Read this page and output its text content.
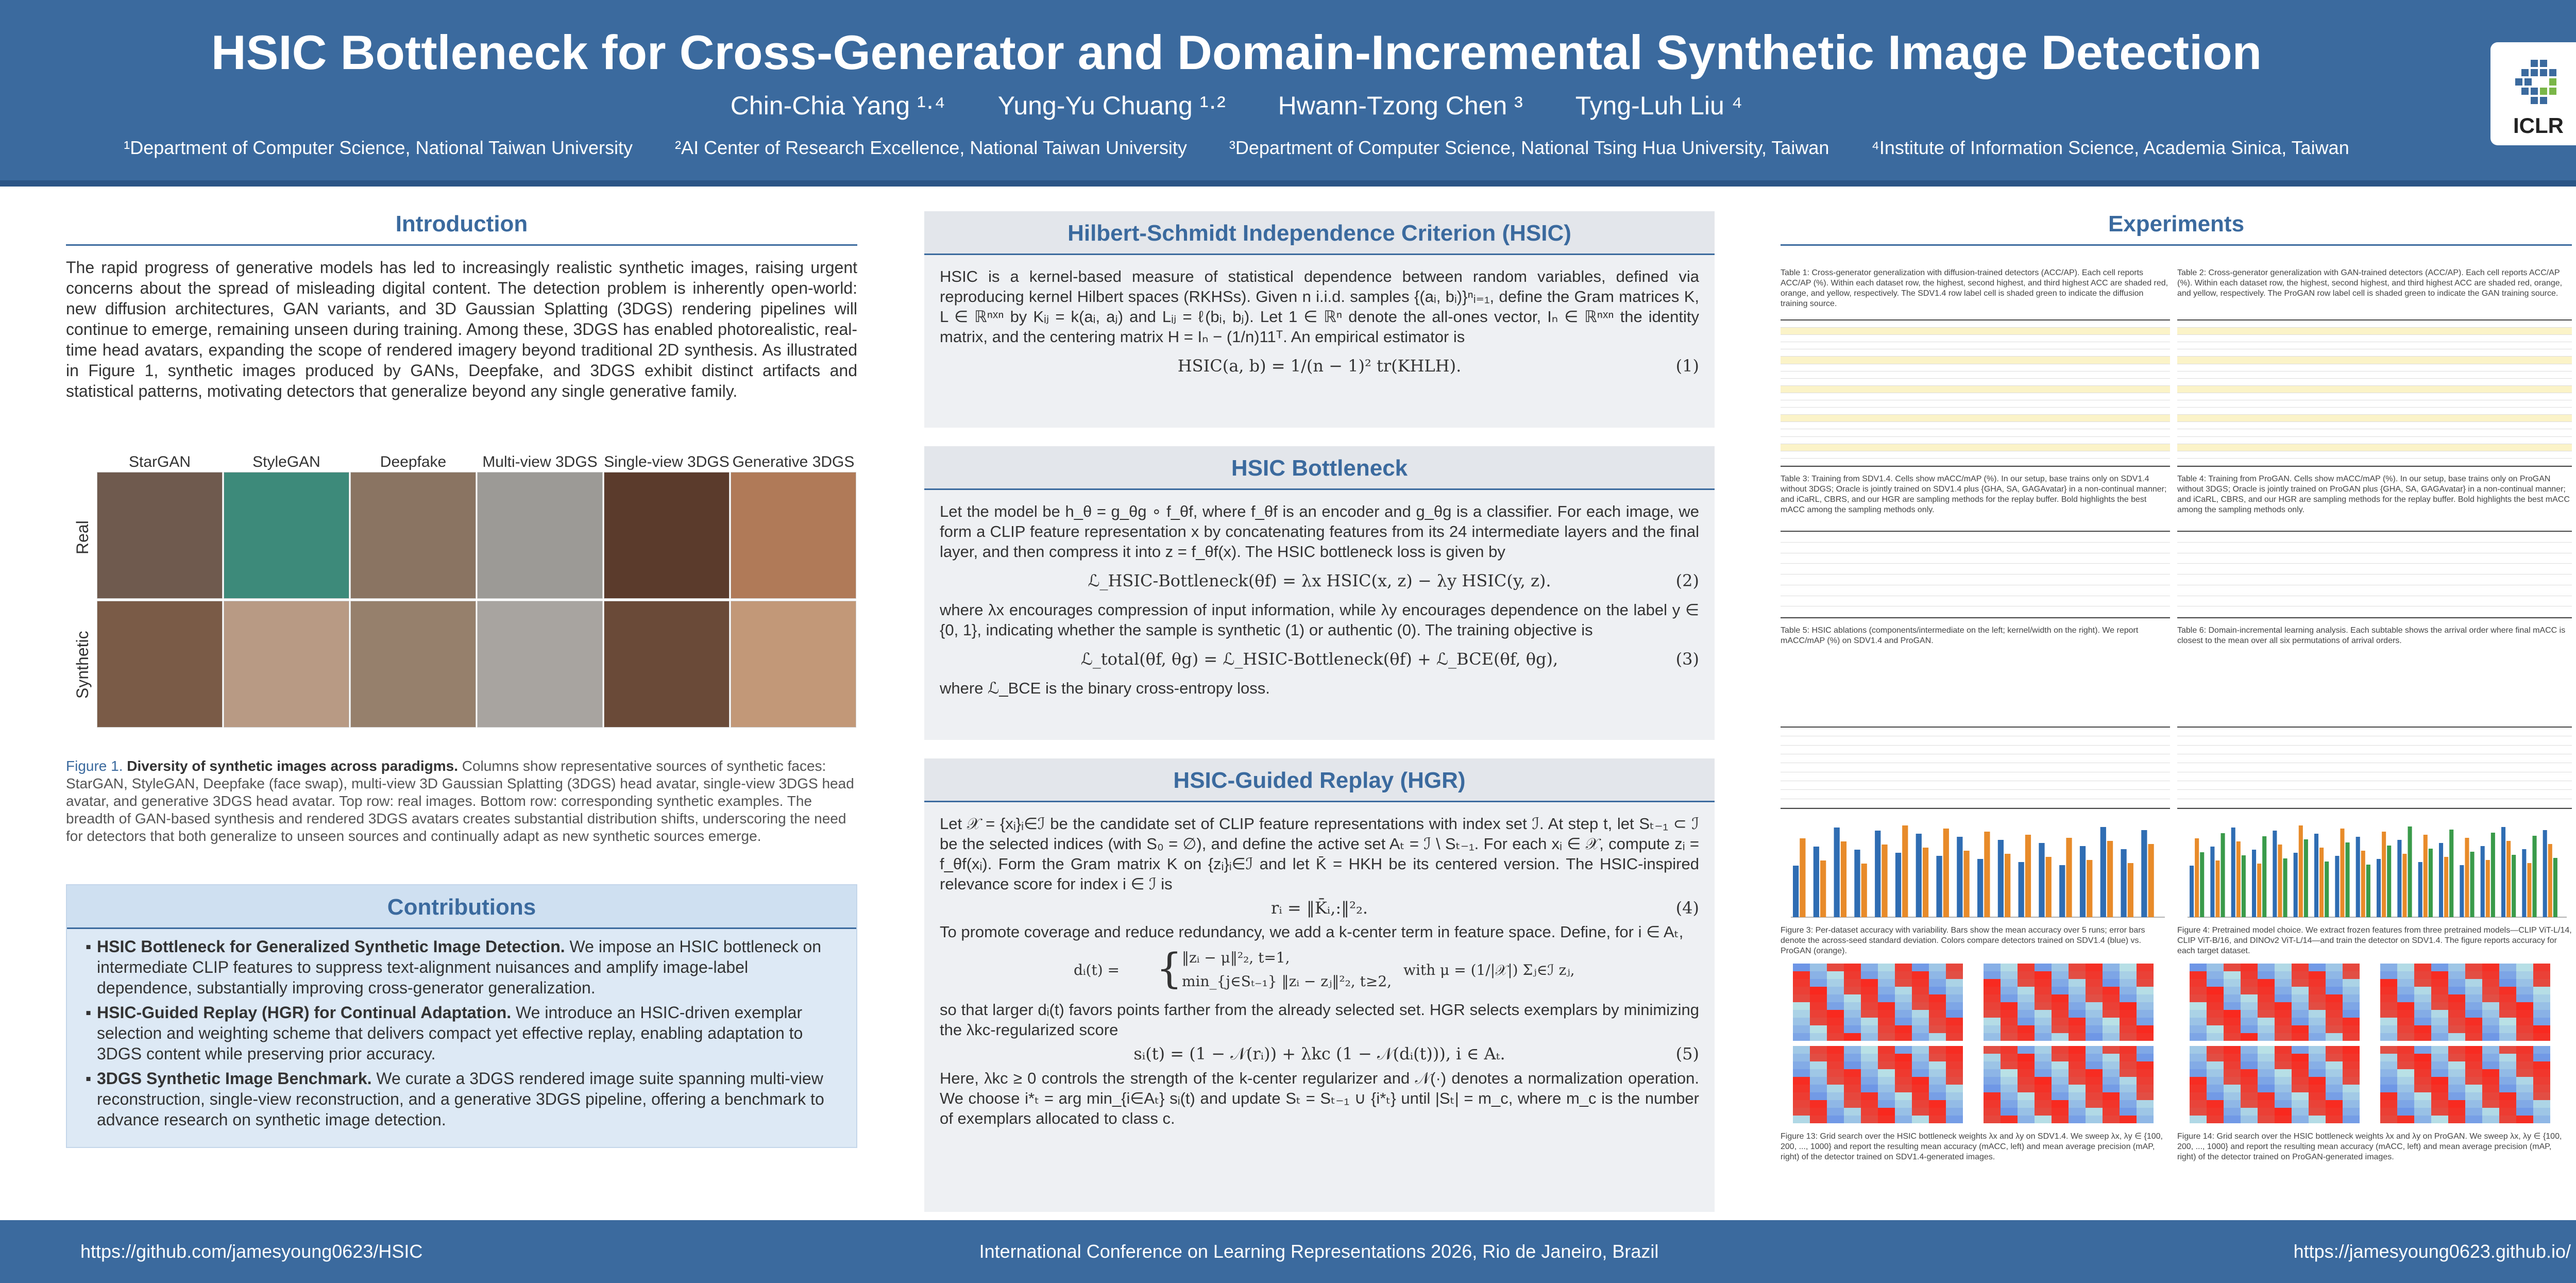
HSIC Bottleneck for Cross-Generator and Domain-Incremental Synthetic Image Detection
Chin-Chia Yang ¹·⁴ Yung-Yu Chuang ¹·² Hwann-Tzong Chen ³ Tyng-Luh Liu ⁴
¹Department of Computer Science, National Taiwan University ²AI Center of Research Excellence, National Taiwan University ³Department of Computer Science, National Tsing Hua University, Taiwan ⁴Institute of Information Science, Academia Sinica, Taiwan
ICLR
Introduction
The rapid progress of generative models has led to increasingly realistic synthetic images, raising urgent concerns about the spread of misleading digital content. The detection problem is inherently open-world: new diffusion architectures, GAN variants, and 3D Gaussian Splatting (3DGS) rendering pipelines will continue to emerge, remaining unseen during training. Among these, 3DGS has enabled photorealistic, real-time head avatars, expanding the scope of rendered imagery beyond traditional 2D synthesis. As illustrated in Figure 1, synthetic images produced by GANs, Deepfake, and 3DGS exhibit distinct artifacts and statistical patterns, motivating detectors that generalize beyond any single generative family.
StarGAN	StyleGAN	Deepfake	Multi-view 3DGS Single-view 3DGS Generative 3DGS
Real
Synthetic
Figure 1. Diversity of synthetic images across paradigms. Columns show representative sources of synthetic faces: StarGAN, StyleGAN, Deepfake (face swap), multi-view 3D Gaussian Splatting (3DGS) head avatar, single-view 3DGS head avatar, and generative 3DGS head avatar. Top row: real images. Bottom row: corresponding synthetic examples. The breadth of GAN-based synthesis and rendered 3DGS avatars creates substantial distribution shifts, underscoring the need for detectors that both generalize to unseen sources and continually adapt as new synthetic sources emerge.
Contributions
▪ HSIC Bottleneck for Generalized Synthetic Image Detection. We impose an HSIC bottleneck on intermediate CLIP features to suppress text-alignment nuisances and amplify image-label dependence, substantially improving cross-generator generalization.
▪ HSIC-Guided Replay (HGR) for Continual Adaptation. We introduce an HSIC-driven exemplar selection and weighting scheme that delivers compact yet effective replay, enabling adaptation to 3DGS content while preserving prior accuracy.
▪ 3DGS Synthetic Image Benchmark. We curate a 3DGS rendered image suite spanning multi-view reconstruction, single-view reconstruction, and a generative 3DGS pipeline, offering a benchmark to advance research on synthetic image detection.
Hilbert-Schmidt Independence Criterion (HSIC)
HSIC is a kernel-based measure of statistical dependence between random variables, defined via reproducing kernel Hilbert spaces (RKHSs). Given n i.i.d. samples {(aᵢ, bᵢ)}ⁿᵢ₌₁, define the Gram matrices K, L ∈ ℝⁿˣⁿ by Kᵢⱼ = k(aᵢ, aⱼ) and Lᵢⱼ = ℓ(bᵢ, bⱼ). Let 1 ∈ ℝⁿ denote the all-ones vector, Iₙ ∈ ℝⁿˣⁿ the identity matrix, and the centering matrix H = Iₙ − (1/n)11ᵀ. An empirical estimator is
HSIC(a, b) = 1/(n − 1)² tr(KHLH).	(1)
HSIC Bottleneck
Let the model be h_θ = g_θg ∘ f_θf, where f_θf is an encoder and g_θg is a classifier. For each image, we form a CLIP feature representation x by concatenating features from its 24 intermediate layers and the final layer, and then compress it into z = f_θf(x). The HSIC bottleneck loss is given by
ℒ_HSIC-Bottleneck(θf) = λx HSIC(x, z) − λy HSIC(y, z).	(2)
where λx encourages compression of input information, while λy encourages dependence on the label y ∈ {0, 1}, indicating whether the sample is synthetic (1) or authentic (0). The training objective is
ℒ_total(θf, θg) = ℒ_HSIC-Bottleneck(θf) + ℒ_BCE(θf, θg),	(3)
where ℒ_BCE is the binary cross-entropy loss.
HSIC-Guided Replay (HGR)
Let 𝒳 = {xᵢ}ᵢ∈ℐ be the candidate set of CLIP feature representations with index set ℐ. At step t, let Sₜ₋₁ ⊂ ℐ be the selected indices (with S₀ = ∅), and define the active set Aₜ = ℐ \ Sₜ₋₁. For each xᵢ ∈ 𝒳, compute zᵢ = f_θf(xᵢ). Form the Gram matrix K on {zᵢ}ᵢ∈ℐ and let K̄ = HKH be its centered version. The HSIC-inspired relevance score for index i ∈ ℐ is
rᵢ = ‖K̄ᵢ,:‖²₂.	(4)
To promote coverage and reduce redundancy, we add a k-center term in feature space. Define, for i ∈ Aₜ,
dᵢ(t) = { ‖zᵢ − μ‖²₂, t=1,
min_{j∈Sₜ₋₁} ‖zᵢ − zⱼ‖²₂, t≥2,
with μ = (1/|𝒳|) Σⱼ∈ℐ zⱼ,
so that larger dᵢ(t) favors points farther from the already selected set. HGR selects exemplars by minimizing the λkc-regularized score
sᵢ(t) = (1 − 𝒩(rᵢ)) + λkc (1 − 𝒩(dᵢ(t))), i ∈ Aₜ.	(5)
Here, λkc ≥ 0 controls the strength of the k-center regularizer and 𝒩(·) denotes a normalization operation. We choose i*ₜ = arg min_{i∈Aₜ} sᵢ(t) and update Sₜ = Sₜ₋₁ ∪ {i*ₜ} until |Sₜ| = m_c, where m_c is the number of exemplars allocated to class c.
Experiments
Table 1: Cross-generator generalization with diffusion-trained detectors (ACC/AP). Each cell reports ACC/AP (%). Within each dataset row, the highest, second highest, and third highest ACC are shaded red, orange, and yellow, respectively. The SDV1.4 row label cell is shaded green to indicate the diffusion training source.
Table 2: Cross-generator generalization with GAN-trained detectors (ACC/AP). Each cell reports ACC/AP (%). Within each dataset row, the highest, second highest, and third highest ACC are shaded red, orange, and yellow, respectively. The ProGAN row label cell is shaded green to indicate the GAN training source.
Table 3: Training from SDV1.4. Cells show mACC/mAP (%). In our setup, base trains only on SDV1.4 without 3DGS; Oracle is jointly trained on SDV1.4 plus {GHA, SA, GAGAvatar} in a non-continual manner; and iCaRL, CBRS, and our HGR are sampling methods for the replay buffer. Bold highlights the best mACC among the sampling methods only.
Table 4: Training from ProGAN. Cells show mACC/mAP (%). In our setup, base trains only on ProGAN without 3DGS; Oracle is jointly trained on ProGAN plus {GHA, SA, GAGAvatar} in a non-continual manner; and iCaRL, CBRS, and our HGR are sampling methods for the replay buffer. Bold highlights the best mACC among the sampling methods only.
Table 5: HSIC ablations (components/intermediate on the left; kernel/width on the right). We report mACC/mAP (%) on SDV1.4 and ProGAN.
Table 6: Domain-incremental learning analysis. Each subtable shows the arrival order where final mACC is closest to the mean over all six permutations of arrival orders.
Figure 3: Per-dataset accuracy with variability. Bars show the mean accuracy over 5 runs; error bars denote the across-seed standard deviation. Colors compare detectors trained on SDV1.4 (blue) vs. ProGAN (orange).
Figure 4: Pretrained model choice. We extract frozen features from three pretrained models—CLIP ViT-L/14, CLIP ViT-B/16, and DINOv2 ViT-L/14—and train the detector on SDV1.4. The figure reports accuracy for each target dataset.
Figure 13: Grid search over the HSIC bottleneck weights λx and λy on SDV1.4. We sweep λx, λy ∈ {100, 200, ..., 1000} and report the resulting mean accuracy (mACC, left) and mean average precision (mAP, right) of the detector trained on SDV1.4-generated images.
Figure 14: Grid search over the HSIC bottleneck weights λx and λy on ProGAN. We sweep λx, λy ∈ {100, 200, ..., 1000} and report the resulting mean accuracy (mACC, left) and mean average precision (mAP, right) of the detector trained on ProGAN-generated images.
https://github.com/jamesyoung0623/HSIC	International Conference on Learning Representations 2026, Rio de Janeiro, Brazil	https://jamesyoung0623.github.io/
